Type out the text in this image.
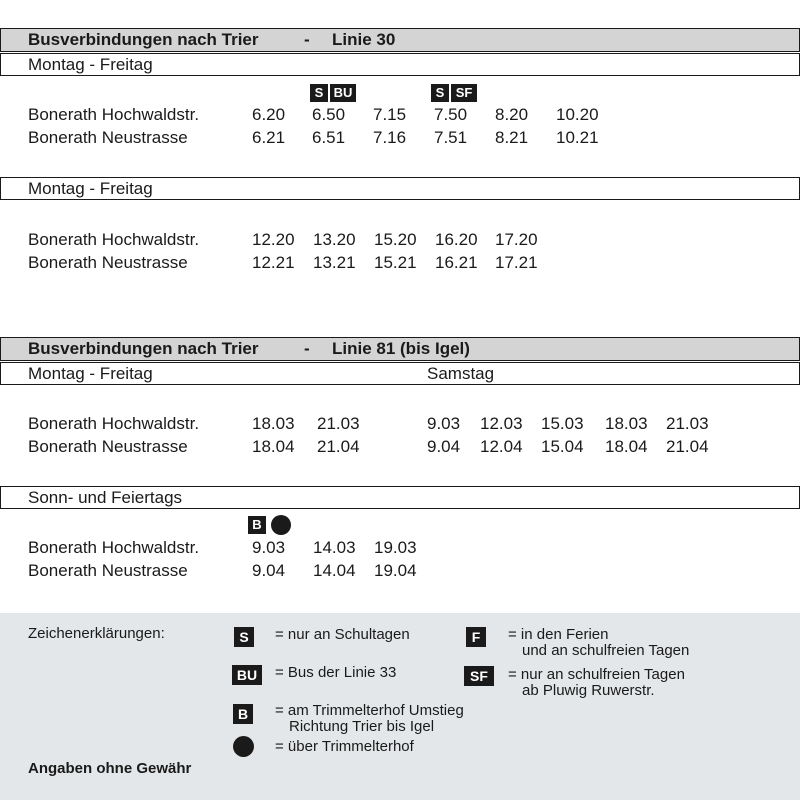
Busverbindungen nach Trier	- Linie 30
Montag - Freitag
S BU	S SF
Bonerath Hochwaldstr.	6.20 6.50 7.15 7.50 8.20 10.20
Bonerath Neustrasse	6.21 6.51 7.16 7.51 8.21 10.21
Montag - Freitag
Bonerath Hochwaldstr.	12.20 13.20 15.20 16.20 17.20
Bonerath Neustrasse	12.21 13.21 15.21 16.21 17.21
Busverbindungen nach Trier	- Linie 81 (bis Igel)
Montag - Freitag	Samstag
Bonerath Hochwaldstr.	18.03 21.03	9.03 12.03 15.03 18.03 21.03
Bonerath Neustrasse	18.04 21.04	9.04 12.04 15.04 18.04 21.04
Sonn- und Feiertags
B
Bonerath Hochwaldstr.	9.03 14.03 19.03
Bonerath Neustrasse	9.04 14.04 19.04
Zeichenerklärungen:	S	= nur an Schultagen	F	= in den Ferien
und an schulfreien Tagen
BU	= Bus der Linie 33	SF	= nur an schulfreien Tagen
ab Pluwig Ruwerstr.
B	= am Trimmelterhof Umstieg
Richtung Trier bis Igel
= über Trimmelterhof
Angaben ohne Gewähr
